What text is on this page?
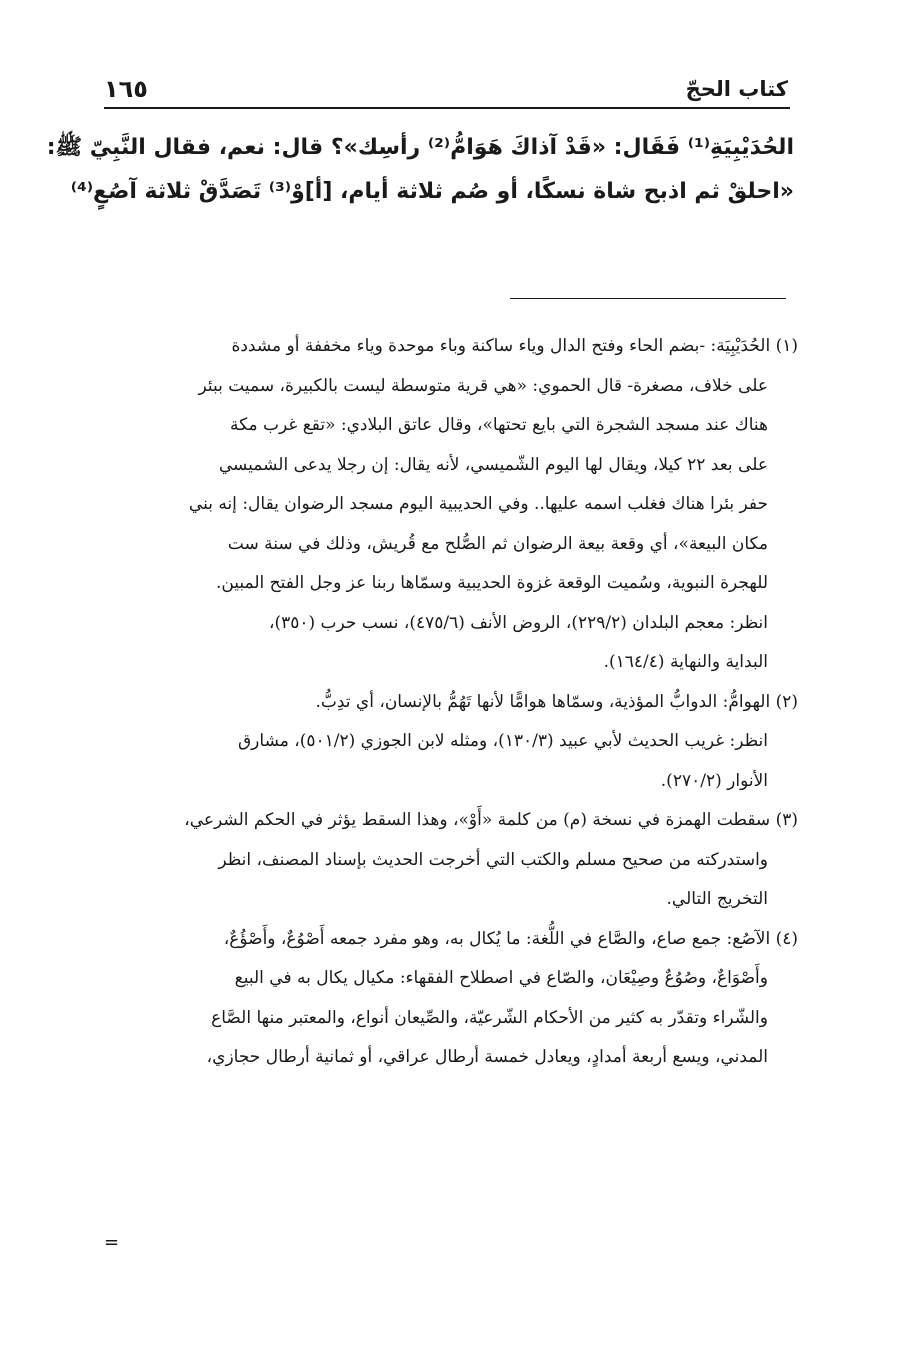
كتاب الحجّ
١٦٥
الحُدَيْبِيَةِ⁽¹⁾ فَقَال: «قَدْ آذاكَ هَوَامُّ⁽²⁾ رأسِك»؟ قال: نعم، فقال النَّبِيّ ﷺ:
«احلقْ ثم اذبح شاة نسكًا، أو صُم ثلاثة أيام، [أ]وْ⁽³⁾ تَصَدَّقْ ثلاثة آصُعٍ⁽⁴⁾
(١) الحُدَيْبِيَة: -بضم الحاء وفتح الدال وياء ساكنة وباء موحدة وياء مخففة أو مشددة
على خلاف، مصغرة- قال الحموي: «هي قرية متوسطة ليست بالكبيرة، سميت ببئر
هناك عند مسجد الشجرة التي بايع تحتها»، وقال عاتق البلادي: «تقع غرب مكة
على بعد ٢٢ كيلا، ويقال لها اليوم الشّميسي، لأنه يقال: إن رجلا يدعى الشميسي
حفر بئرا هناك فغلب اسمه عليها.. وفي الحديبية اليوم مسجد الرضوان يقال: إنه بني
مكان البيعة»، أي وقعة بيعة الرضوان ثم الصُّلح مع قُريش، وذلك في سنة ست
للهجرة النبوية، وسُميت الوقعة غزوة الحديبية وسمّاها ربنا عز وجل الفتح المبين.
انظر: معجم البلدان (٢٢٩/٢)، الروض الأنف (٤٧٥/٦)، نسب حرب (٣٥٠)،
البداية والنهاية (١٦٤/٤).
(٢) الهوامُّ: الدوابُّ المؤذية، وسمّاها هوامًّا لأنها تَهُمُّ بالإنسان، أي تدِبُّ.
انظر: غريب الحديث لأبي عبيد (١٣٠/٣)، ومثله لابن الجوزي (٥٠١/٢)، مشارق
الأنوار (٢٧٠/٢).
(٣) سقطت الهمزة في نسخة (م) من كلمة «أَوْ»، وهذا السقط يؤثر في الحكم الشرعي،
واستدركته من صحيح مسلم والكتب التي أخرجت الحديث بإسناد المصنف، انظر
التخريج التالي.
(٤) الآصُع: جمع صاع، والصَّاع في اللُّغة: ما يُكال به، وهو مفرد جمعه أَصْوُعٌ، وأَصْؤُعٌ،
وأَصْوَاعٌ، وصُوُعٌ وصِيْعَان، والصّاع في اصطلاح الفقهاء: مكيال يكال به في البيع
والشّراء وتقدّر به كثير من الأحكام الشّرعيّة، والصِّيعان أنواع، والمعتبر منها الصَّاع
المدني، ويسع أربعة أمدادٍ، ويعادل خمسة أرطال عراقي، أو ثمانية أرطال حجازي،
=
